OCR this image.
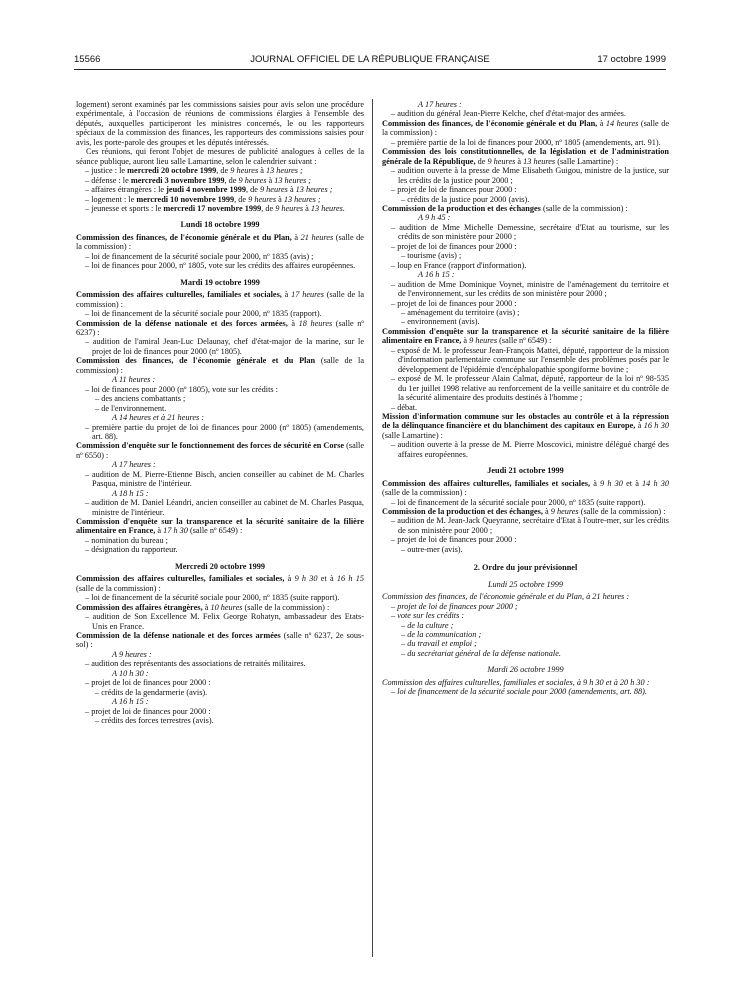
15566	JOURNAL OFFICIEL DE LA RÉPUBLIQUE FRANÇAISE	17 octobre 1999

logement) seront examinés par les commissions saisies pour avis selon une procédure expérimentale, à l'occasion de réunions de commissions élargies à l'ensemble des députés, auxquelles participeront les ministres concernés, le ou les rapporteurs spéciaux de la commission des finances, les rapporteurs des commissions saisies pour avis, les porte-parole des groupes et les députés intéressés.

Ces réunions, qui feront l'objet de mesures de publicité analogues à celles de la séance publique, auront lieu salle Lamartine, selon le calendrier suivant :

– justice : le mercredi 20 octobre 1999, de 9 heures à 13 heures ;

– défense : le mercredi 3 novembre 1999, de 9 heures à 13 heures ;

– affaires étrangères : le jeudi 4 novembre 1999, de 9 heures à 13 heures ;

– logement : le mercredi 10 novembre 1999, de 9 heures à 13 heures ;

– jeunesse et sports : le mercredi 17 novembre 1999, de 9 heures à 13 heures.

Lundi 18 octobre 1999

Commission des finances, de l'économie générale et du Plan, à 21 heures (salle de la commission) :

– loi de financement de la sécurité sociale pour 2000, nº 1835 (avis) ;

– loi de finances pour 2000, nº 1805, vote sur les crédits des affaires européennes.

Mardi 19 octobre 1999

Commission des affaires culturelles, familiales et sociales, à 17 heures (salle de la commission) :

– loi de financement de la sécurité sociale pour 2000, nº 1835 (rapport).

Commission de la défense nationale et des forces armées, à 18 heures (salle nº 6237) :

– audition de l'amiral Jean-Luc Delaunay, chef d'état-major de la marine, sur le projet de loi de finances pour 2000 (nº 1805).

Commission des finances, de l'économie générale et du Plan (salle de la commission) :

A 11 heures :

– loi de finances pour 2000 (nº 1805), vote sur les crédits :

– des anciens combattants ;

– de l'environnement.

A 14 heures et à 21 heures :

– première partie du projet de loi de finances pour 2000 (nº 1805) (amendements, art. 88).

Commission d'enquête sur le fonctionnement des forces de sécurité en Corse (salle nº 6550) :

A 17 heures :

– audition de M. Pierre-Etienne Bisch, ancien conseiller au cabinet de M. Charles Pasqua, ministre de l'intérieur.

A 18 h 15 :

– audition de M. Daniel Léandri, ancien conseiller au cabinet de M. Charles Pasqua, ministre de l'intérieur.

Commission d'enquête sur la transparence et la sécurité sanitaire de la filière alimentaire en France, à 17 h 30 (salle nº 6549) :

– nomination du bureau ;

– désignation du rapporteur.

Mercredi 20 octobre 1999

Commission des affaires culturelles, familiales et sociales, à 9 h 30 et à 16 h 15 (salle de la commission) :

– loi de financement de la sécurité sociale pour 2000, nº 1835 (suite rapport).

Commission des affaires étrangères, à 10 heures (salle de la commission) :

– audition de Son Excellence M. Felix George Rohatyn, ambassadeur des Etats-Unis en France.

Commission de la défense nationale et des forces armées (salle nº 6237, 2e sous-sol) :

A 9 heures :

– audition des représentants des associations de retraités militaires.

A 10 h 30 :

– projet de loi de finances pour 2000 :

– crédits de la gendarmerie (avis).

A 16 h 15 :

– projet de loi de finances pour 2000 :

– crédits des forces terrestres (avis).

A 17 heures :

– audition du général Jean-Pierre Kelche, chef d'état-major des armées.

Commission des finances, de l'économie générale et du Plan, à 14 heures (salle de la commission) :

– première partie de la loi de finances pour 2000, nº 1805 (amendements, art. 91).

Commission des lois constitutionnelles, de la législation et de l'administration générale de la République, de 9 heures à 13 heures (salle Lamartine) :

– audition ouverte à la presse de Mme Elisabeth Guigou, ministre de la justice, sur les crédits de la justice pour 2000 ;

– projet de loi de finances pour 2000 :

– crédits de la justice pour 2000 (avis).

Commission de la production et des échanges (salle de la commission) :

A 9 h 45 :

– audition de Mme Michelle Demessine, secrétaire d'Etat au tourisme, sur les crédits de son ministère pour 2000 ;

– projet de loi de finances pour 2000 :

– tourisme (avis) ;

– loup en France (rapport d'information).

A 16 h 15 :

– audition de Mme Dominique Voynet, ministre de l'aménagement du territoire et de l'environnement, sur les crédits de son ministère pour 2000 ;

– projet de loi de finances pour 2000 :

– aménagement du territoire (avis) ;

– environnement (avis).

Commission d'enquête sur la transparence et la sécurité sanitaire de la filière alimentaire en France, à 9 heures (salle nº 6549) :

– exposé de M. le professeur Jean-François Mattei, député, rapporteur de la mission d'information parlementaire commune sur l'ensemble des problèmes posés par le développement de l'épidémie d'encéphalopathie spongiforme bovine ;

– exposé de M. le professeur Alain Calmat, député, rapporteur de la loi nº 98-535 du 1er juillet 1998 relative au renforcement de la veille sanitaire et du contrôle de la sécurité alimentaire des produits destinés à l'homme ;

– débat.

Mission d'information commune sur les obstacles au contrôle et à la répression de la délinquance financière et du blanchiment des capitaux en Europe, à 16 h 30 (salle Lamartine) :

– audition ouverte à la presse de M. Pierre Moscovici, ministre délégué chargé des affaires européennes.

Jeudi 21 octobre 1999

Commission des affaires culturelles, familiales et sociales, à 9 h 30 et à 14 h 30 (salle de la commission) :

– loi de financement de la sécurité sociale pour 2000, nº 1835 (suite rapport).

Commission de la production et des échanges, à 9 heures (salle de la commission) :

– audition de M. Jean-Jack Queyranne, secrétaire d'Etat à l'outre-mer, sur les crédits de son ministère pour 2000 ;

– projet de loi de finances pour 2000 :

– outre-mer (avis).

2. Ordre du jour prévisionnel
Lundi 25 octobre 1999

Commission des finances, de l'économie générale et du Plan, à 21 heures :

– projet de loi de finances pour 2000 ;

– vote sur les crédits :

– de la culture ;

– de la communication ;

– du travail et emploi ;

– du secrétariat général de la défense nationale.

Mardi 26 octobre 1999

Commission des affaires culturelles, familiales et sociales, à 9 h 30 et à 20 h 30 :

– loi de financement de la sécurité sociale pour 2000 (amendements, art. 88).
